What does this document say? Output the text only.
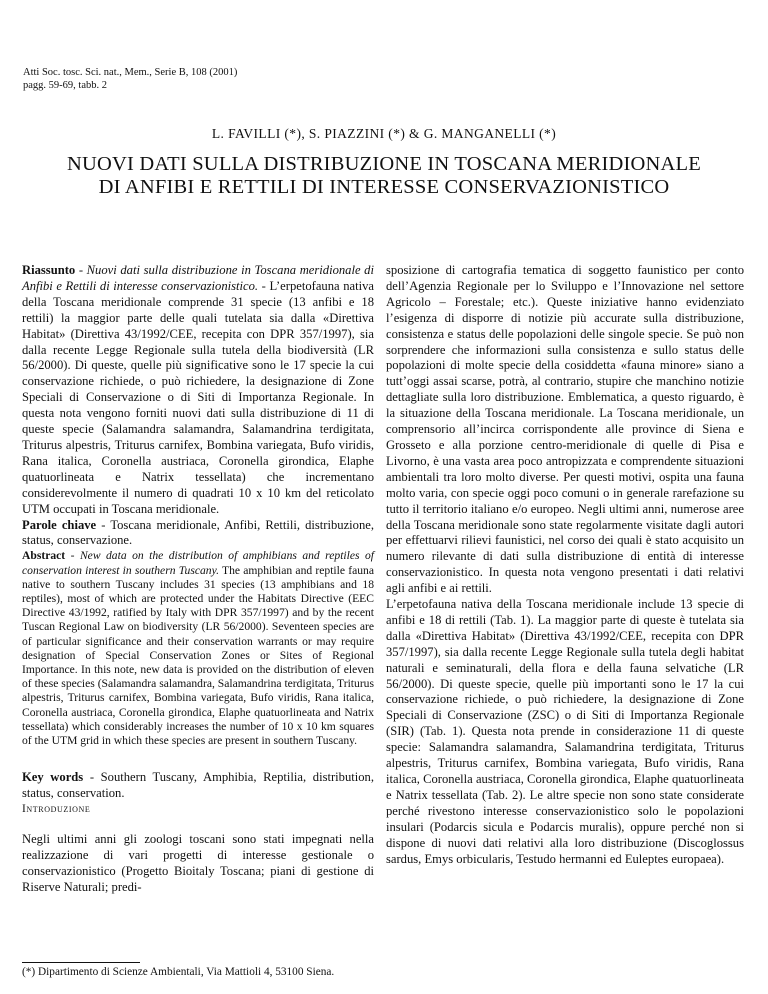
Atti Soc. tosc. Sci. nat., Mem., Serie B, 108 (2001)
pagg. 59-69, tabb. 2
L. FAVILLI (*), S. PIAZZINI (*) & G. MANGANELLI (*)
NUOVI DATI SULLA DISTRIBUZIONE IN TOSCANA MERIDIONALE
DI ANFIBI E RETTILI DI INTERESSE CONSERVAZIONISTICO

Riassunto - Nuovi dati sulla distribuzione in Toscana meridionale di Anfibi e Rettili di interesse conservazionistico. - L’erpetofauna nativa della Toscana meridionale comprende 31 specie (13 anfibi e 18 rettili) la maggior parte delle quali tutelata sia dalla «Direttiva Habitat» (Direttiva 43/1992/CEE, recepita con DPR 357/1997), sia dalla recente Legge Regionale sulla tutela della biodiversità (LR 56/2000). Di queste, quelle più significative sono le 17 specie la cui conservazione richiede, o può richiedere, la designazione di Zone Speciali di Conservazione o di Siti di Importanza Regionale. In questa nota vengono forniti nuovi dati sulla distribuzione di 11 di queste specie (Salamandra salamandra, Salamandrina terdigitata, Triturus alpestris, Triturus carnifex, Bombina variegata, Bufo viridis, Rana italica, Coronella austriaca, Coronella girondica, Elaphe quatuorlineata e Natrix tessellata) che incrementano considerevolmente il numero di quadrati 10 x 10 km del reticolato UTM occupati in Toscana meridionale.

Parole chiave - Toscana meridionale, Anfibi, Rettili, distribuzione, status, conservazione.

Abstract - New data on the distribution of amphibians and reptiles of conservation interest in southern Tuscany. The amphibian and reptile fauna native to southern Tuscany includes 31 species (13 amphibians and 18 reptiles), most of which are protected under the Habitats Directive (EEC Directive 43/1992, ratified by Italy with DPR 357/1997) and by the recent Tuscan Regional Law on biodiversity (LR 56/2000). Seventeen species are of particular significance and their conservation warrants or may require designation of Special Conservation Zones or Sites of Regional Importance. In this note, new data is provided on the distribution of eleven of these species (Salamandra salamandra, Salamandrina terdigitata, Triturus alpestris, Triturus carnifex, Bombina variegata, Bufo viridis, Rana italica, Coronella austriaca, Coronella girondica, Elaphe quatuorlineata and Natrix tessellata) which considerably increases the number of 10 x 10 km squares of the UTM grid in which these species are present in southern Tuscany.

Key words - Southern Tuscany, Amphibia, Reptilia, distribution, status, conservation.

Introduzione

Negli ultimi anni gli zoologi toscani sono stati impegnati nella realizzazione di vari progetti di interesse gestionale o conservazionistico (Progetto Bioitaly Toscana; piani di gestione di Riserve Naturali; predi-

sposizione di cartografia tematica di soggetto faunistico per conto dell’Agenzia Regionale per lo Sviluppo e l’Innovazione nel settore Agricolo – Forestale; etc.). Queste iniziative hanno evidenziato l’esigenza di disporre di notizie più accurate sulla distribuzione, consistenza e status delle popolazioni delle singole specie. Se può non sorprendere che informazioni sulla consistenza e sullo status delle popolazioni di molte specie della cosiddetta «fauna minore» siano a tutt’oggi assai scarse, potrà, al contrario, stupire che manchino notizie dettagliate sulla loro distribuzione. Emblematica, a questo riguardo, è la situazione della Toscana meridionale. La Toscana meridionale, un comprensorio all’incirca corrispondente alle province di Siena e Grosseto e alla porzione centro-meridionale di quelle di Pisa e Livorno, è una vasta area poco antropizzata e comprendente situazioni ambientali tra loro molto diverse. Per questi motivi, ospita una fauna molto varia, con specie oggi poco comuni o in generale rarefazione su tutto il territorio italiano e/o europeo. Negli ultimi anni, numerose aree della Toscana meridionale sono state regolarmente visitate dagli autori per effettuarvi rilievi faunistici, nel corso dei quali è stato acquisito un numero rilevante di dati sulla distribuzione di entità di interesse conservazionistico. In questa nota vengono presentati i dati relativi agli anfibi e ai rettili.

L’erpetofauna nativa della Toscana meridionale include 13 specie di anfibi e 18 di rettili (Tab. 1). La maggior parte di queste è tutelata sia dalla «Direttiva Habitat» (Direttiva 43/1992/CEE, recepita con DPR 357/1997), sia dalla recente Legge Regionale sulla tutela degli habitat naturali e seminaturali, della flora e della fauna selvatiche (LR 56/2000). Di queste specie, quelle più importanti sono le 17 la cui conservazione richiede, o può richiedere, la designazione di Zone Speciali di Conservazione (ZSC) o di Siti di Importanza Regionale (SIR) (Tab. 1). Questa nota prende in considerazione 11 di queste specie: Salamandra salamandra, Salamandrina terdigitata, Triturus alpestris, Triturus carnifex, Bombina variegata, Bufo viridis, Rana italica, Coronella austriaca, Coronella girondica, Elaphe quatuorlineata e Natrix tessellata (Tab. 2). Le altre specie non sono state considerate perché rivestono interesse conservazionistico solo le popolazioni insulari (Podarcis sicula e Podarcis muralis), oppure perché non si dispone di nuovi dati relativi alla loro distribuzione (Discoglossus sardus, Emys orbicularis, Testudo hermanni ed Euleptes europaea).

(*) Dipartimento di Scienze Ambientali, Via Mattioli 4, 53100 Siena.
